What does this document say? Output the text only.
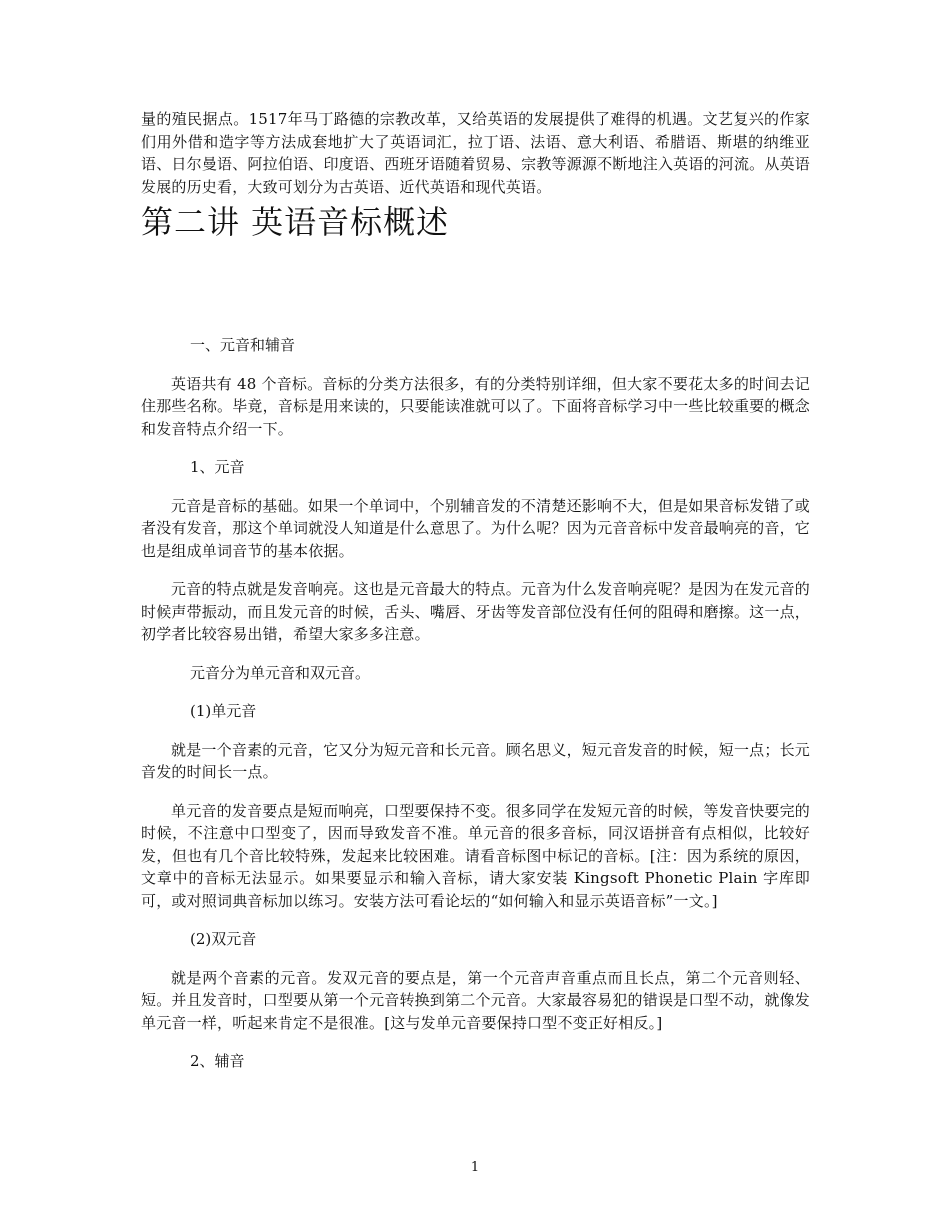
量的殖民据点。1517年马丁路德的宗教改革，又给英语的发展提供了难得的机遇。文艺复兴的作家们用外借和造字等方法成套地扩大了英语词汇，拉丁语、法语、意大利语、希腊语、斯堪的纳维亚语、日尔曼语、阿拉伯语、印度语、西班牙语随着贸易、宗教等源源不断地注入英语的河流。从英语发展的历史看，大致可划分为古英语、近代英语和现代英语。

第二讲 英语音标概述
一、元音和辅音

英语共有 48 个音标。音标的分类方法很多，有的分类特别详细，但大家不要花太多的时间去记住那些名称。毕竟，音标是用来读的，只要能读准就可以了。下面将音标学习中一些比较重要的概念和发音特点介绍一下。

1、元音

元音是音标的基础。如果一个单词中，个别辅音发的不清楚还影响不大，但是如果音标发错了或者没有发音，那这个单词就没人知道是什么意思了。为什么呢？因为元音音标中发音最响亮的音，它也是组成单词音节的基本依据。

元音的特点就是发音响亮。这也是元音最大的特点。元音为什么发音响亮呢？是因为在发元音的时候声带振动，而且发元音的时候，舌头、嘴唇、牙齿等发音部位没有任何的阻碍和磨擦。这一点，初学者比较容易出错，希望大家多多注意。

元音分为单元音和双元音。
(1)单元音

就是一个音素的元音，它又分为短元音和长元音。顾名思义，短元音发音的时候，短一点；长元音发的时间长一点。

单元音的发音要点是短而响亮，口型要保持不变。很多同学在发短元音的时候，等发音快要完的时候，不注意中口型变了，因而导致发音不准。单元音的很多音标，同汉语拼音有点相似，比较好发，但也有几个音比较特殊，发起来比较困难。请看音标图中标记的音标。[注：因为系统的原因，文章中的音标无法显示。如果要显示和输入音标，请大家安装 Kingsoft Phonetic Plain 字库即可，或对照词典音标加以练习。安装方法可看论坛的“如何输入和显示英语音标”一文。]

(2)双元音

就是两个音素的元音。发双元音的要点是，第一个元音声音重点而且长点，第二个元音则轻、短。并且发音时，口型要从第一个元音转换到第二个元音。大家最容易犯的错误是口型不动，就像发单元音一样，听起来肯定不是很准。[这与发单元音要保持口型不变正好相反。]

2、辅音
1
